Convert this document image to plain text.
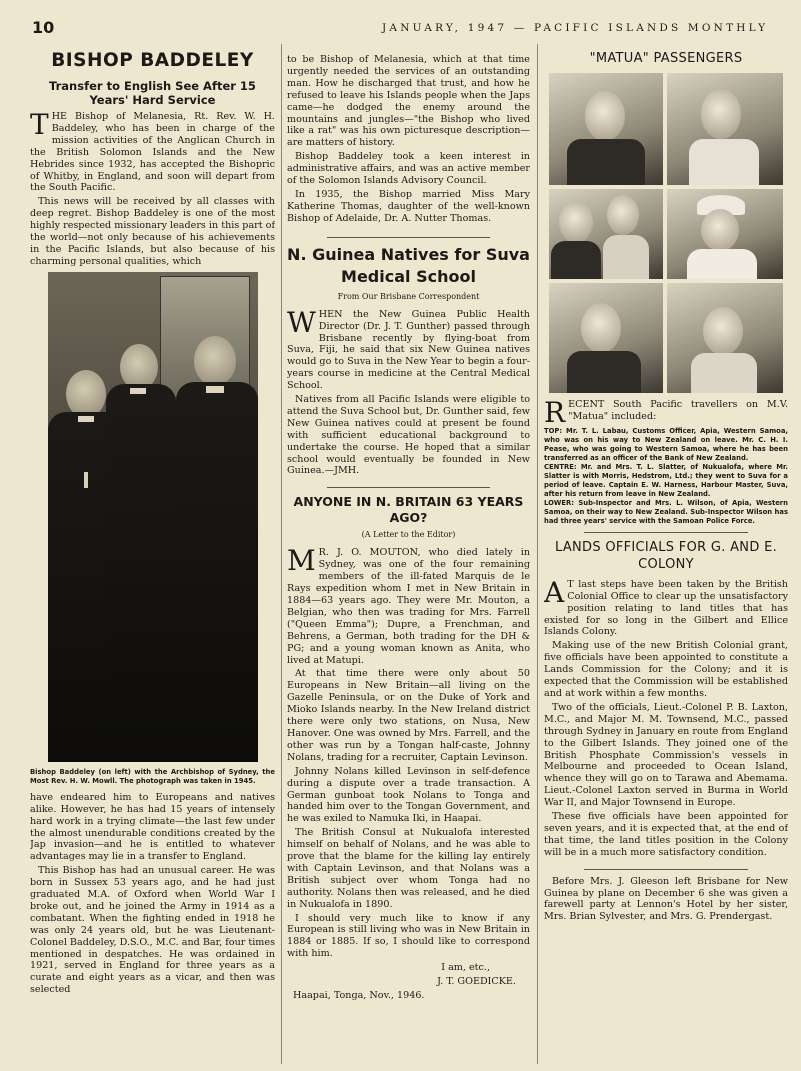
10	JANUARY, 1947 — PACIFIC ISLANDS MONTHLY
BISHOP BADDELEY
Transfer to English See After 15 Years' Hard Service

THE Bishop of Melanesia, Rt. Rev. W. H. Baddeley, who has been in charge of the mission activities of the Anglican Church in the British Solomon Islands and the New Hebrides since 1932, has accepted the Bishopric of Whitby, in England, and soon will depart from the South Pacific.

This news will be received by all classes with deep regret. Bishop Baddeley is one of the most highly respected missionary leaders in this part of the world—not only because of his achievements in the Pacific Islands, but also because of his charming personal qualities, which

Bishop Baddeley (on left) with the Archbishop of Sydney, the Most Rev. H. W. Mowll. The photograph was taken in 1945.

have endeared him to Europeans and natives alike. However, he has had 15 years of intensely hard work in a trying climate—the last few under the almost unendurable conditions created by the Jap invasion—and he is entitled to whatever advantages may lie in a transfer to England.

This Bishop has had an unusual career. He was born in Sussex 53 years ago, and he had just graduated M.A. of Oxford when World War I broke out, and he joined the Army in 1914 as a combatant. When the fighting ended in 1918 he was only 24 years old, but he was Lieutenant-Colonel Baddeley, D.S.O., M.C. and Bar, four times mentioned in despatches. He was ordained in 1921, served in England for three years as a curate and eight years as a vicar, and then was selected

to be Bishop of Melanesia, which at that time urgently needed the services of an outstanding man. How he discharged that trust, and how he refused to leave his Islands people when the Japs came—he dodged the enemy around the mountains and jungles—"the Bishop who lived like a rat" was his own picturesque description—are matters of history.

Bishop Baddeley took a keen interest in administrative affairs, and was an active member of the Solomon Islands Advisory Council.

In 1935, the Bishop married Miss Mary Katherine Thomas, daughter of the well-known Bishop of Adelaide, Dr. A. Nutter Thomas.

N. Guinea Natives for Suva Medical School
From Our Brisbane Correspondent

WHEN the New Guinea Public Health Director (Dr. J. T. Gunther) passed through Brisbane recently by flying-boat from Suva, Fiji, he said that six New Guinea natives would go to Suva in the New Year to begin a four-years course in medicine at the Central Medical School.

Natives from all Pacific Islands were eligible to attend the Suva School but, Dr. Gunther said, few New Guinea natives could at present be found with sufficient educational background to undertake the course. He hoped that a similar school would eventually be founded in New Guinea.—JMH.

ANYONE IN N. BRITAIN 63 YEARS AGO?
(A Letter to the Editor)

M R. J. O. MOUTON, who died lately in Sydney, was one of the four remaining members of the ill-fated Marquis de le Rays expedition whom I met in New Britain in 1884—63 years ago. They were Mr. Mouton, a Belgian, who then was trading for Mrs. Farrell ("Queen Emma"); Dupre, a Frenchman, and Behrens, a German, both trading for the DH & PG; and a young woman known as Anita, who lived at Matupi.

At that time there were only about 50 Europeans in New Britain—all living on the Gazelle Peninsula, or on the Duke of York and Mioko Islands nearby. In the New Ireland district there were only two stations, on Nusa, New Hanover. One was owned by Mrs. Farrell, and the other was run by a Tongan half-caste, Johnny Nolans, trading for a recruiter, Captain Levinson.

Johnny Nolans killed Levinson in self-defence during a dispute over a trade transaction. A German gunboat took Nolans to Tonga and handed him over to the Tongan Government, and he was exiled to Namuka Iki, in Haapai.

The British Consul at Nukualofa interested himself on behalf of Nolans, and he was able to prove that the blame for the killing lay entirely with Captain Levinson, and that Nolans was a British subject over whom Tonga had no authority. Nolans then was released, and he died in Nukualofa in 1890.

I should very much like to know if any European is still living who was in New Britain in 1884 or 1885. If so, I should like to correspond with him.

I am, etc.,

J. T. GOEDICKE.

Haapai, Tonga, Nov., 1946.

"MATUA" PASSENGERS

RECENT South Pacific travellers on M.V. "Matua" included:

TOP: Mr. T. L. Labau, Customs Officer, Apia, Western Samoa, who was on his way to New Zealand on leave. Mr. C. H. I. Pease, who was going to Western Samoa, where he has been transferred as an officer of the Bank of New Zealand.
CENTRE: Mr. and Mrs. T. L. Slatter, of Nukualofa, where Mr. Slatter is with Morris, Hedstrom, Ltd.; they went to Suva for a period of leave. Captain E. W. Harness, Harbour Master, Suva, after his return from leave in New Zealand.
LOWER: Sub-Inspector and Mrs. L. Wilson, of Apia, Western Samoa, on their way to New Zealand. Sub-Inspector Wilson has had three years' service with the Samoan Police Force.
LANDS OFFICIALS FOR G. AND E. COLONY

A T last steps have been taken by the British Colonial Office to clear up the unsatisfactory position relating to land titles that has existed for so long in the Gilbert and Ellice Islands Colony.

Making use of the new British Colonial grant, five officials have been appointed to constitute a Lands Commission for the Colony; and it is expected that the Commission will be established and at work within a few months.

Two of the officials, Lieut.-Colonel P. B. Laxton, M.C., and Major M. M. Townsend, M.C., passed through Sydney in January en route from England to the Gilbert Islands. They joined one of the British Phosphate Commission's vessels in Melbourne and proceeded to Ocean Island, whence they will go on to Tarawa and Abemama. Lieut.-Colonel Laxton served in Burma in World War II, and Major Townsend in Europe.

These five officials have been appointed for seven years, and it is expected that, at the end of that time, the land titles position in the Colony will be in a much more satisfactory condition.

Before Mrs. J. Gleeson left Brisbane for New Guinea by plane on December 6 she was given a farewell party at Lennon's Hotel by her sister, Mrs. Brian Sylvester, and Mrs. G. Prendergast.
